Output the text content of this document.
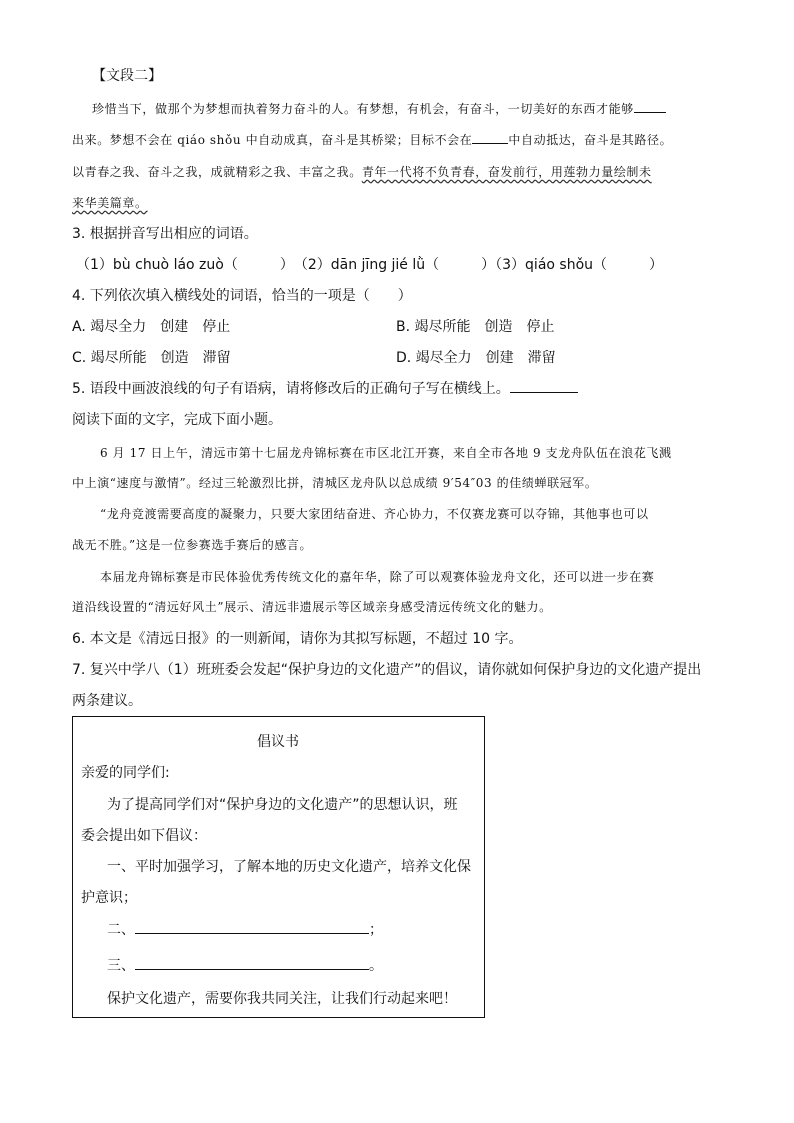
【文段二】
珍惜当下，做那个为梦想而执着努力奋斗的人。有梦想，有机会，有奋斗，一切美好的东西才能够
出来。梦想不会在 qiáo shǒu 中自动成真，奋斗是其桥梁；目标不会在	中自动抵达，奋斗是其路径。
以青春之我、奋斗之我，成就精彩之我、丰富之我。青年一代将不负青春，奋发前行，用莲勃力量绘制未
来华美篇章。
3. 根据拼音写出相应的词语。
（1）bù chuò láo zuò（　　　）　（2）dān jīng jié lǜ（　　　）（3）qiáo shǒu（　　　）
4. 下列依次填入横线处的词语，恰当的一项是（　　）
A. 竭尽全力　创建　停止	B. 竭尽所能　创造　停止
C. 竭尽所能　创造　滞留	D. 竭尽全力　创建　滞留
5. 语段中画波浪线的句子有语病，请将修改后的正确句子写在横线上。
阅读下面的文字，完成下面小题。
6 月 17 日上午，清远市第十七届龙舟锦标赛在市区北江开赛，来自全市各地 9 支龙舟队伍在浪花飞溅
中上演“速度与激情”。经过三轮激烈比拼，清城区龙舟队以总成绩 9′54″03 的佳绩蝉联冠军。
“龙舟竞渡需要高度的凝聚力，只要大家团结奋进、齐心协力，不仅赛龙赛可以夺锦，其他事也可以
战无不胜。”这是一位参赛选手赛后的感言。
本届龙舟锦标赛是市民体验优秀传统文化的嘉年华，除了可以观赛体验龙舟文化，还可以进一步在赛
道沿线设置的“清远好风土”展示、清远非遗展示等区域亲身感受清远传统文化的魅力。
6. 本文是《清远日报》的一则新闻，请你为其拟写标题，不超过 10 字。
7. 复兴中学八（1）班班委会发起“保护身边的文化遗产”的倡议，请你就如何保护身边的文化遗产提出
两条建议。
倡议书
亲爱的同学们:
为了提高同学们对“保护身边的文化遗产”的思想认识，班
委会提出如下倡议：
一、平时加强学习，了解本地的历史文化遗产，培养文化保
护意识；
二、	；
三、	。
保护文化遗产，需要你我共同关注，让我们行动起来吧！
